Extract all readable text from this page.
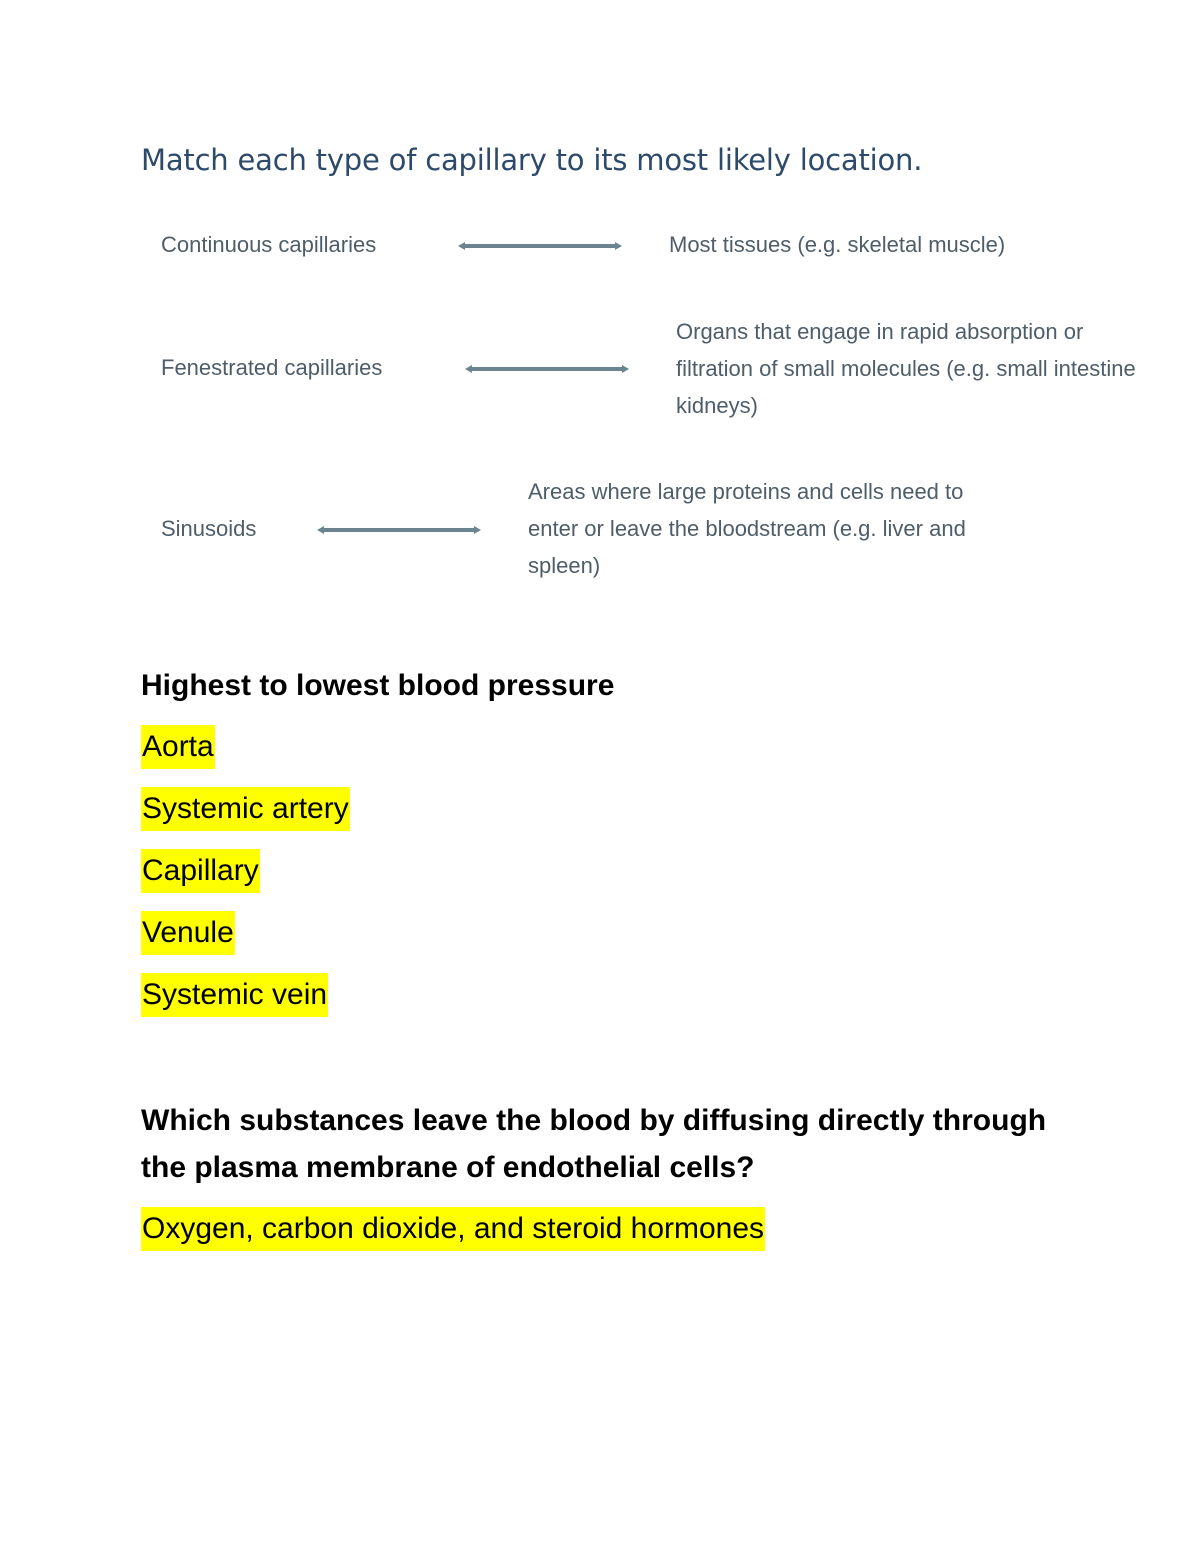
Match each type of capillary to its most likely location.
Continuous capillaries	Most tissues (e.g. skeletal muscle)
Fenestrated capillaries
Organs that engage in rapid absorption or
filtration of small molecules (e.g. small intestine
kidneys)
Sinusoids
Areas where large proteins and cells need to
enter or leave the bloodstream (e.g. liver and
spleen)
Highest to lowest blood pressure
Aorta
Systemic artery
Capillary
Venule
Systemic vein
Which substances leave the blood by diffusing directly through
the plasma membrane of endothelial cells?
Oxygen, carbon dioxide, and steroid hormones
